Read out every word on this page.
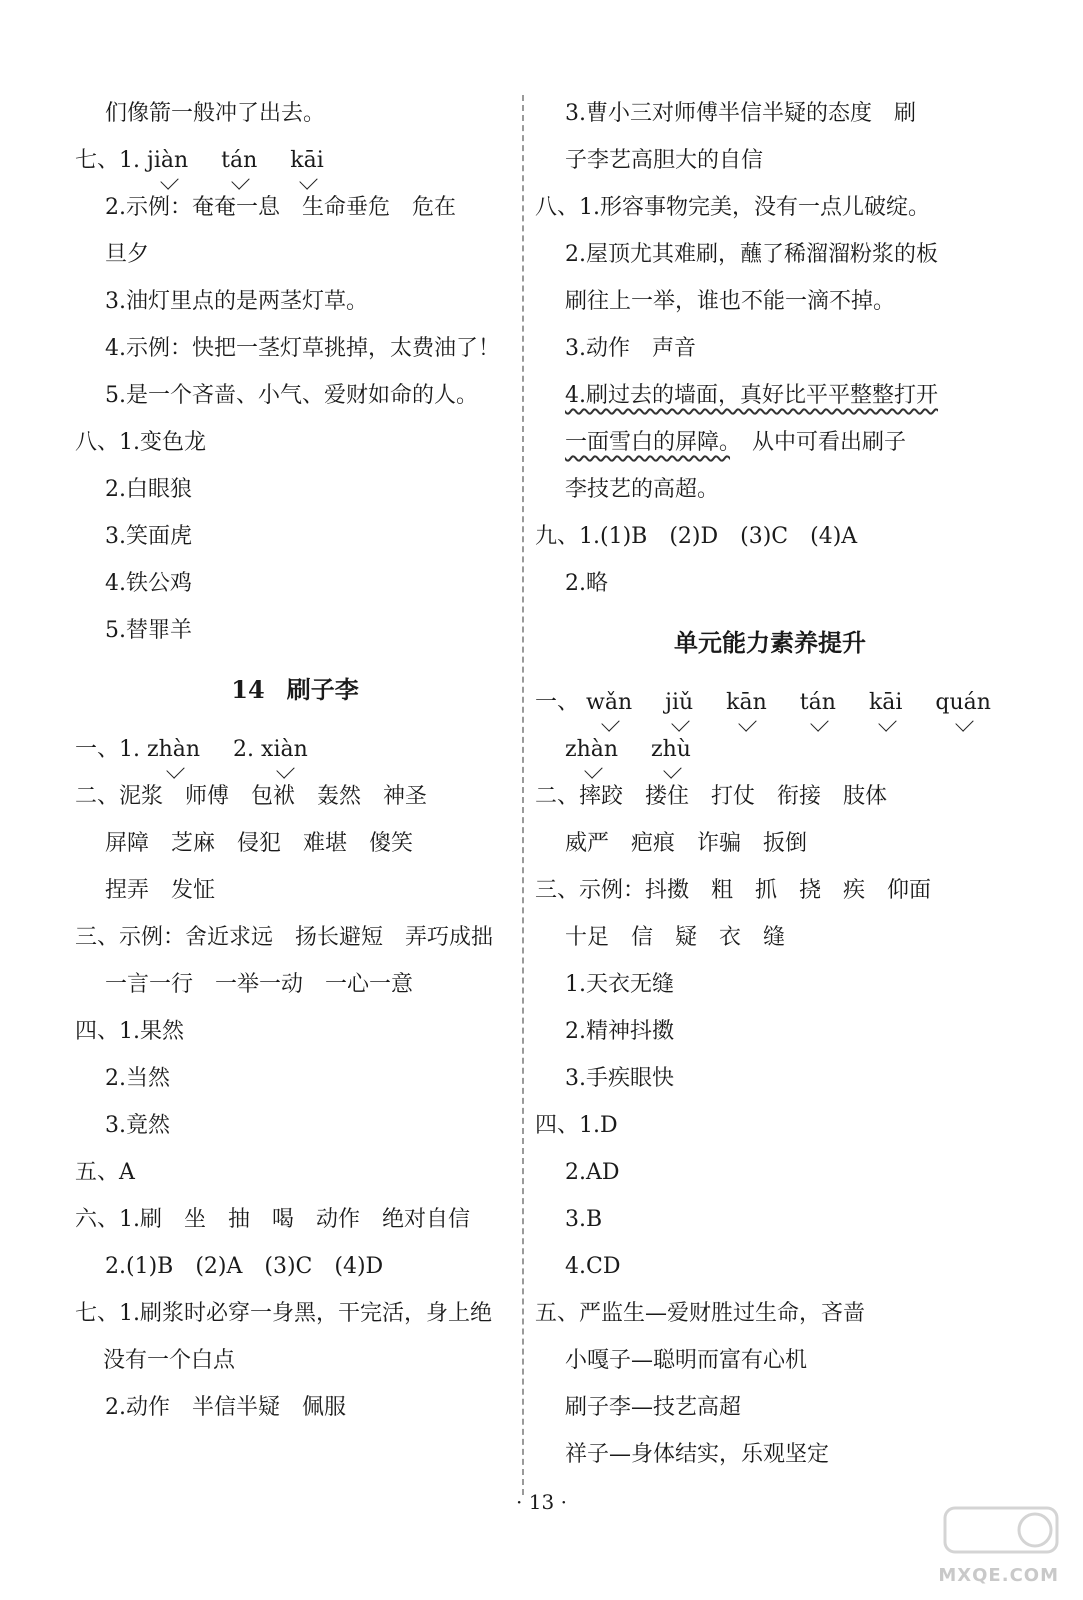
们像箭一般冲了出去。
七、1. jiàn tán kāi
2.示例：奄奄一息　生命垂危　危在
旦夕
3.油灯里点的是两茎灯草。
4.示例：快把一茎灯草挑掉，太费油了！
5.是一个吝啬、小气、爱财如命的人。
八、1.变色龙
2.白眼狼
3.笑面虎
4.铁公鸡
5.替罪羊
14 刷子李
一、1. zhàn 2. xiàn
二、泥浆　师傅　包袱　轰然　神圣
屏障　芝麻　侵犯　难堪　傻笑
捏弄　发怔
三、示例：舍近求远　扬长避短　弄巧成拙
一言一行　一举一动　一心一意
四、1.果然
2.当然
3.竟然
五、A
六、1.刷　坐　抽　喝　动作　绝对自信
2.(1)B　(2)A　(3)C　(4)D
七、1.刷浆时必穿一身黑，干完活，身上绝
没有一个白点
2.动作　半信半疑　佩服
3.曹小三对师傅半信半疑的态度　刷
子李艺高胆大的自信
八、1.形容事物完美，没有一点儿破绽。
2.屋顶尤其难刷，蘸了稀溜溜粉浆的板
刷往上一举，谁也不能一滴不掉。
3.动作　声音
4.刷过去的墙面，真好比平平整整打开
一面雪白的屏障。　从中可看出刷子
李技艺的高超。
九、1.(1)B　(2)D　(3)C　(4)A
2.略
单元能力素养提升
一、 wǎn jiǔ kān tán kāi quán
zhàn zhù
二、摔跤　搂住　打仗　衔接　肢体
威严　疤痕　诈骗　扳倒
三、示例：抖擞　粗　抓　挠　疾　仰面
十足　信　疑　衣　缝
1.天衣无缝
2.精神抖擞
3.手疾眼快
四、1.D
2.AD
3.B
4.CD
五、严监生—爱财胜过生命，吝啬
小嘎子—聪明而富有心机
刷子李—技艺高超
祥子—身体结实，乐观坚定
· 13 ·
MXQE.COM
